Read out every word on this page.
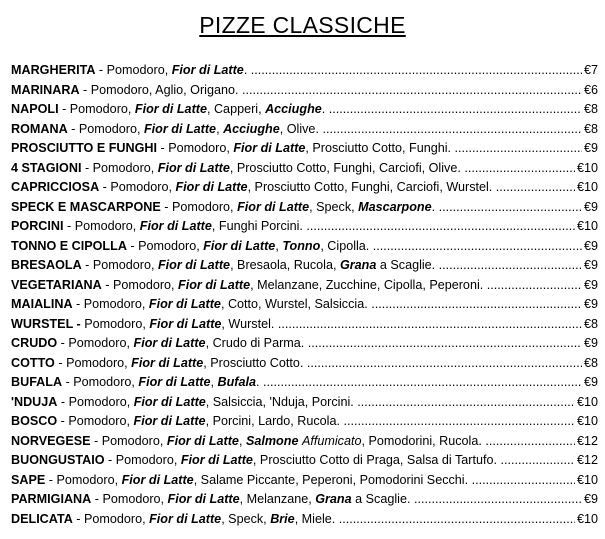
PIZZE CLASSICHE
MARGHERITA - Pomodoro, Fior di Latte. .....	€7
MARINARA - Pomodoro, Aglio, Origano. .....	€6
NAPOLI - Pomodoro, Fior di Latte, Capperi, Acciughe. .....	€8
ROMANA - Pomodoro, Fior di Latte, Acciughe, Olive. .....	€8
PROSCIUTTO E FUNGHI - Pomodoro, Fior di Latte, Prosciutto Cotto, Funghi. .....	€9
4 STAGIONI - Pomodoro, Fior di Latte, Prosciutto Cotto, Funghi, Carciofi, Olive. .....	€10
CAPRICCIOSA - Pomodoro, Fior di Latte, Prosciutto Cotto, Funghi, Carciofi, Wurstel. .....	€10
SPECK E MASCARPONE - Pomodoro, Fior di Latte, Speck, Mascarpone. .....	€9
PORCINI - Pomodoro, Fior di Latte, Funghi Porcini. .....	€10
TONNO E CIPOLLA - Pomodoro, Fior di Latte, Tonno, Cipolla. .....	€9
BRESAOLA - Pomodoro, Fior di Latte, Bresaola, Rucola, Grana a Scaglie. .....	€9
VEGETARIANA - Pomodoro, Fior di Latte, Melanzane, Zucchine, Cipolla, Peperoni. .....	€9
MAIALINA - Pomodoro, Fior di Latte, Cotto, Wurstel, Salsiccia. .....	€9
WURSTEL - Pomodoro, Fior di Latte, Wurstel. .....	€8
CRUDO - Pomodoro, Fior di Latte, Crudo di Parma. .....	€9
COTTO - Pomodoro, Fior di Latte, Prosciutto Cotto. .....	€8
BUFALA - Pomodoro, Fior di Latte, Bufala. .....	€9
'NDUJA - Pomodoro, Fior di Latte, Salsiccia, 'Nduja, Porcini. .....	€10
BOSCO - Pomodoro, Fior di Latte, Porcini, Lardo, Rucola. .....	€10
NORVEGESE - Pomodoro, Fior di Latte, Salmone Affumicato, Pomodorini, Rucola. .....	€12
BUONGUSTAIO - Pomodoro, Fior di Latte, Prosciutto Cotto di Praga, Salsa di Tartufo. .....	€12
SAPE - Pomodoro, Fior di Latte, Salame Piccante, Peperoni, Pomodorini Secchi. .....	€10
PARMIGIANA - Pomodoro, Fior di Latte, Melanzane, Grana a Scaglie. .....	€9
DELICATA - Pomodoro, Fior di Latte, Speck, Brie, Miele. .....	€10
